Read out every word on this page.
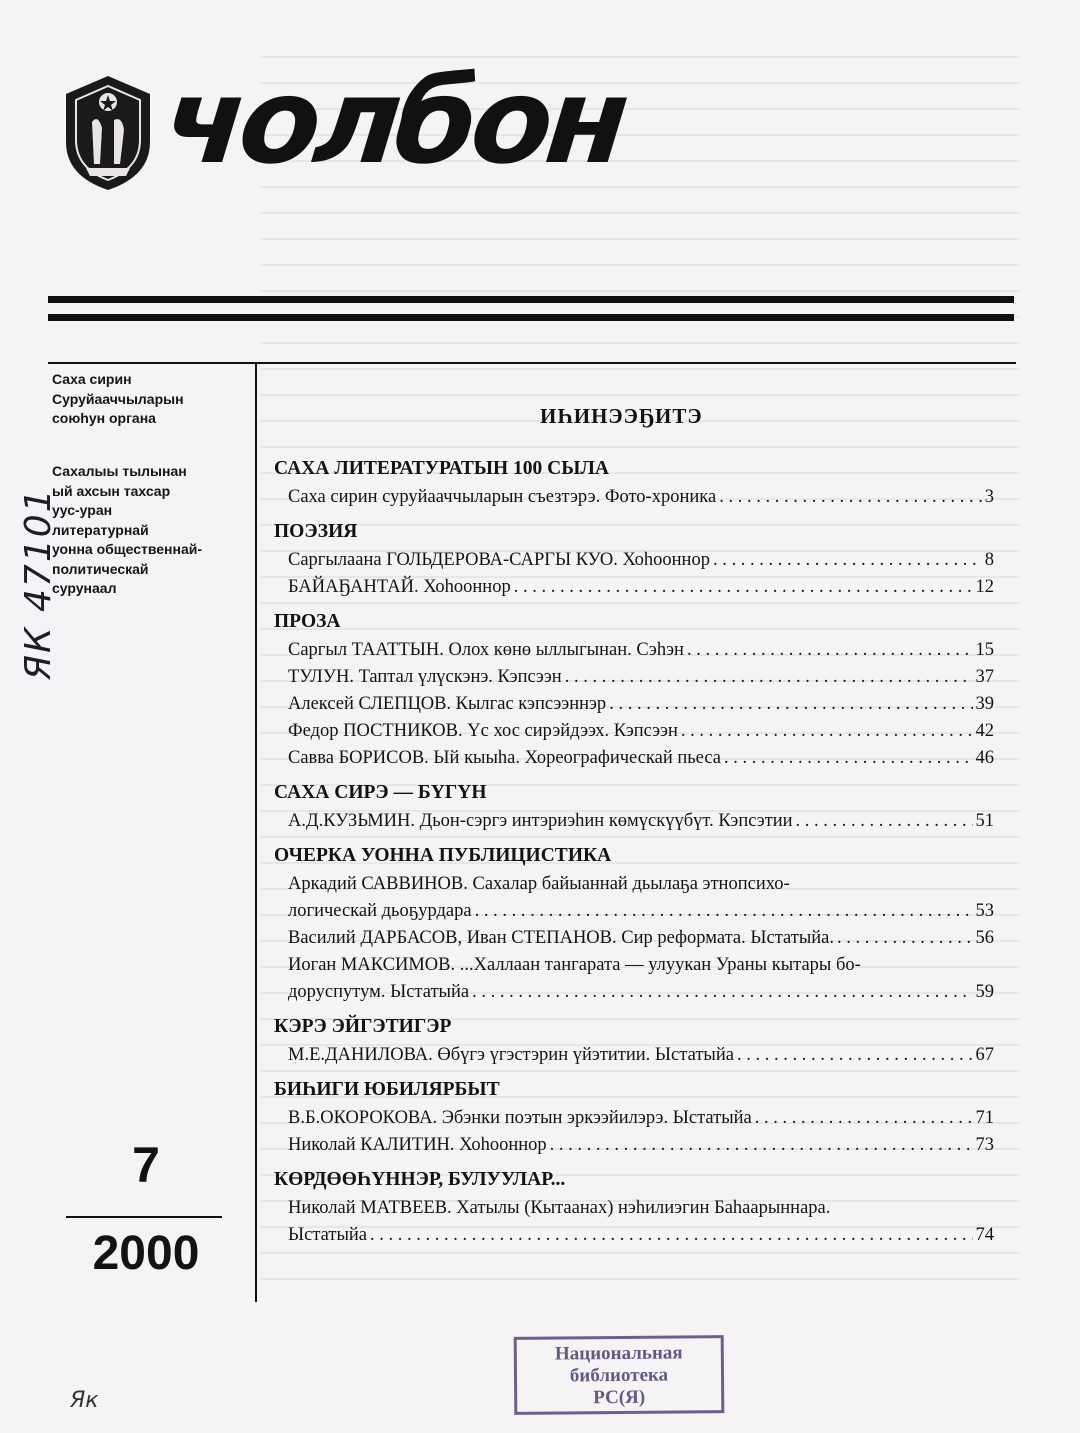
чолбон
Саха сирин
Суруйааччыларын
союһун органа
Сахалыы тылынан
ый ахсын тахсар
уус-уран
литературнай
уонна общественнай-
политическай
сурунаал
ЯК 47101
7
2000
ИҺИНЭЭҔИТЭ
САХА ЛИТЕРАТУРАТЫН 100 СЫЛА
Саха сирин суруйааччыларын съезтэрэ. Фото-хроника . . .	3
ПОЭЗИЯ
Саргылаана ГОЛЬДЕРОВА-САРГЫ КУО. Хоһооннор . . .	8
БАЙАҔАНТАЙ. Хоһооннор . . .	12
ПРОЗА
Саргыл ТААТТЫН. Олох көнө ыллыгынан. Сэһэн . . .	15
ТУЛУН. Таптал үлүскэнэ. Кэпсээн . . .	37
Алексей СЛЕПЦОВ. Кылгас кэпсээннэр . . .	39
Федор ПОСТНИКОВ. Үс хос сирэйдээх. Кэпсээн . . .	42
Савва БОРИСОВ. Ый кыыһа. Хореографическай пьеса . . .	46
САХА СИРЭ — БҮГҮН
А.Д.КУЗЬМИН. Дьон-сэргэ интэриэһин көмүскүүбүт. Кэпсэтии . . .	51
ОЧЕРКА УОННА ПУБЛИЦИСТИКА
Аркадий САВВИНОВ. Сахалар байыаннай дьылаҕа этнопсихо-
логическай дьоҕурдара . . .	53
Василий ДАРБАСОВ, Иван СТЕПАНОВ. Сир реформата. Ыстатыйа. . . .	56
Иоган МАКСИМОВ. ...Халлаан тангарата — улуукан Ураны кытары бо-
доруспутум. Ыстатыйа . . .	59
КЭРЭ ЭЙГЭТИГЭР
М.Е.ДАНИЛОВА. Өбүгэ үгэстэрин үйэтитии. Ыстатыйа . . .	67
БИҺИГИ ЮБИЛЯРБЫТ
В.Б.ОКОРОКОВА. Эбэнки поэтын эркээйилэрэ. Ыстатыйа . . .	71
Николай КАЛИТИН. Хоһооннор . . .	73
КӨРДӨӨҺҮННЭР, БУЛУУЛАР...
Николай МАТВЕЕВ. Хатылы (Кытаанах) нэһилиэгин Баһаарыннара.
Ыстатыйа . . .	74
Як
Национальная
библиотека
РС(Я)
